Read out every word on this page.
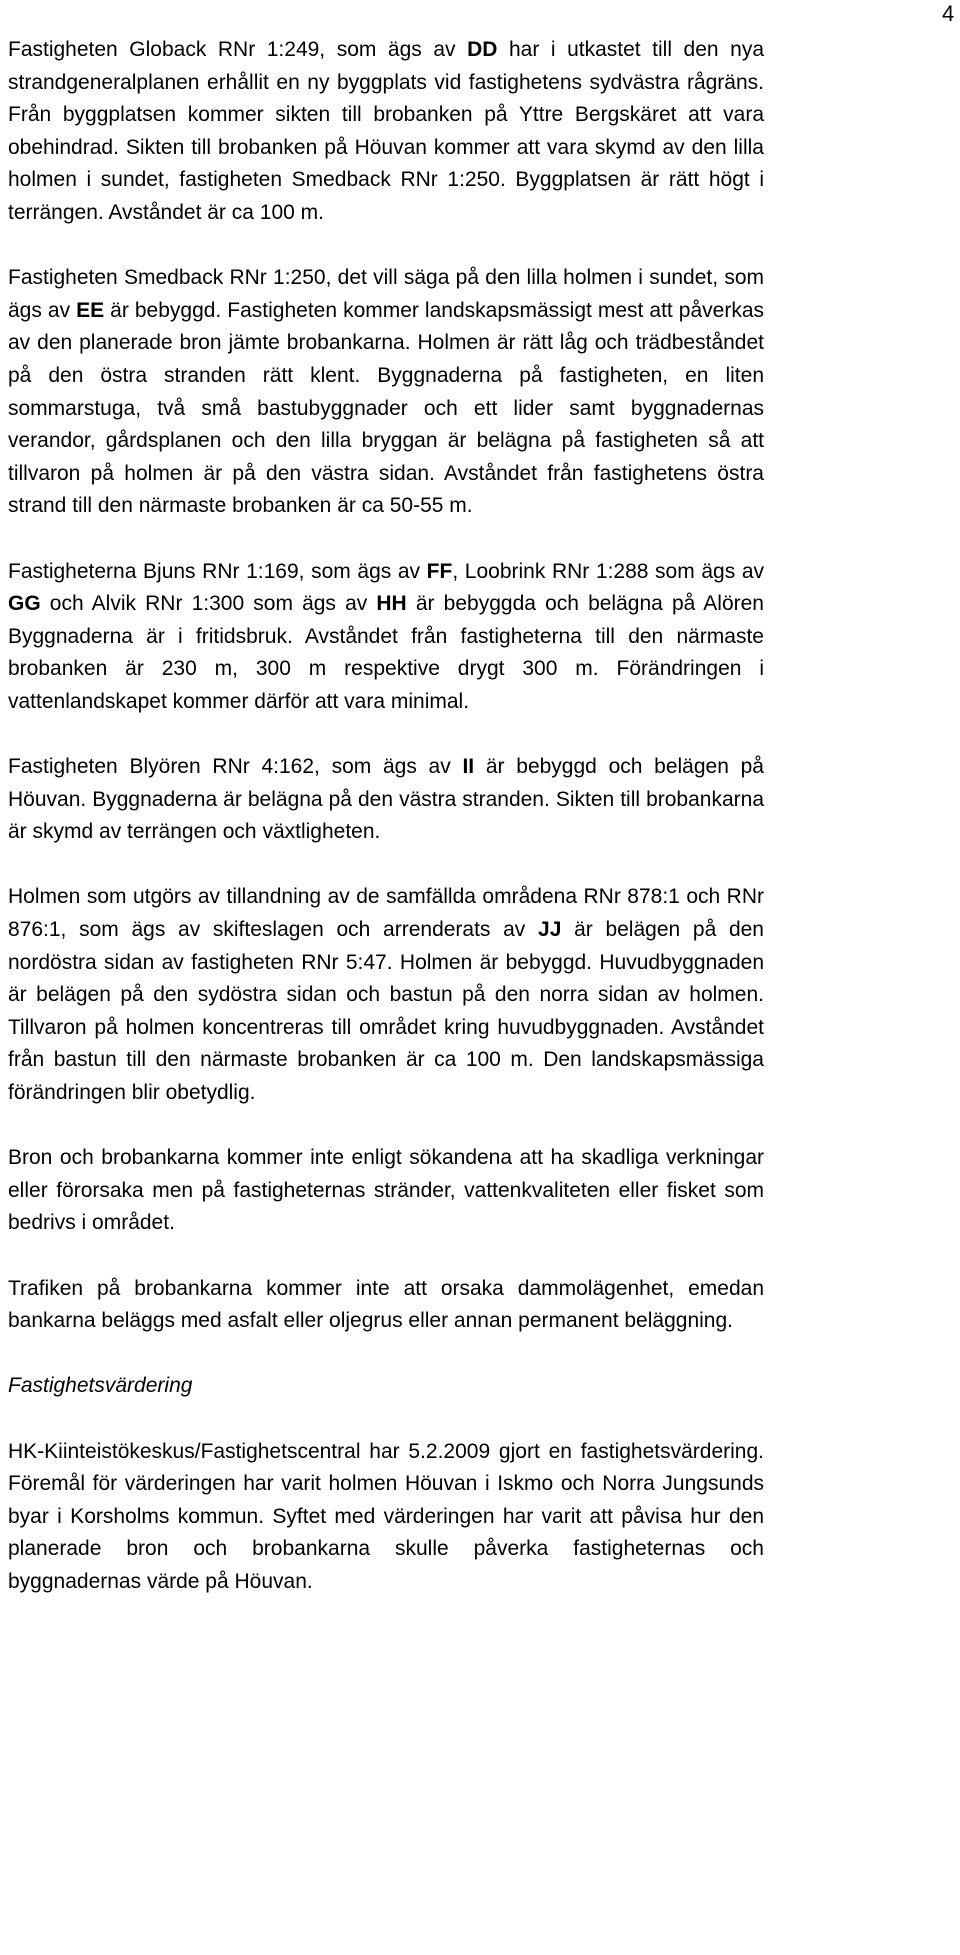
4

Fastigheten Globack RNr 1:249, som ägs av DD har i utkastet till den nya strandgeneralplanen erhållit en ny byggplats vid fastighetens sydvästra rågräns. Från byggplatsen kommer sikten till brobanken på Yttre Bergskäret att vara obehindrad. Sikten till brobanken på Höuvan kommer att vara skymd av den lilla holmen i sundet, fastigheten Smedback RNr 1:250. Byggplatsen är rätt högt i terrängen. Avståndet är ca 100 m.

Fastigheten Smedback RNr 1:250, det vill säga på den lilla holmen i sundet, som ägs av EE är bebyggd. Fastigheten kommer landskapsmässigt mest att påverkas av den planerade bron jämte brobankarna. Holmen är rätt låg och trädbeståndet på den östra stranden rätt klent. Byggnaderna på fastigheten, en liten sommarstuga, två små bastubyggnader och ett lider samt byggnadernas verandor, gårdsplanen och den lilla bryggan är belägna på fastigheten så att tillvaron på holmen är på den västra sidan. Avståndet från fastighetens östra strand till den närmaste brobanken är ca 50-55 m.

Fastigheterna Bjuns RNr 1:169, som ägs av FF, Loobrink RNr 1:288 som ägs av GG och Alvik RNr 1:300 som ägs av HH är bebyggda och belägna på Alören Byggnaderna är i fritidsbruk. Avståndet från fastigheterna till den närmaste brobanken är 230 m, 300 m respektive drygt 300 m. Förändringen i vattenlandskapet kommer därför att vara minimal.

Fastigheten Blyören RNr 4:162, som ägs av II är bebyggd och belägen på Höuvan. Byggnaderna är belägna på den västra stranden. Sikten till brobankarna är skymd av terrängen och växtligheten.

Holmen som utgörs av tillandning av de samfällda områdena RNr 878:1 och RNr 876:1, som ägs av skifteslagen och arrenderats av JJ är belägen på den nordöstra sidan av fastigheten RNr 5:47. Holmen är bebyggd. Huvudbyggnaden är belägen på den sydöstra sidan och bastun på den norra sidan av holmen. Tillvaron på holmen koncentreras till området kring huvudbyggnaden. Avståndet från bastun till den närmaste brobanken är ca 100 m. Den landskapsmässiga förändringen blir obetydlig.

Bron och brobankarna kommer inte enligt sökandena att ha skadliga verkningar eller förorsaka men på fastigheternas stränder, vattenkvaliteten eller fisket som bedrivs i området.

Trafiken på brobankarna kommer inte att orsaka dammolägenhet, emedan bankarna beläggs med asfalt eller oljegrus eller annan permanent beläggning.

Fastighetsvärdering

HK-Kiinteistökeskus/Fastighetscentral har 5.2.2009 gjort en fastighetsvärdering. Föremål för värderingen har varit holmen Höuvan i Iskmo och Norra Jungsunds byar i Korsholms kommun. Syftet med värderingen har varit att påvisa hur den planerade bron och brobankarna skulle påverka fastigheternas och byggnadernas värde på Höuvan.
